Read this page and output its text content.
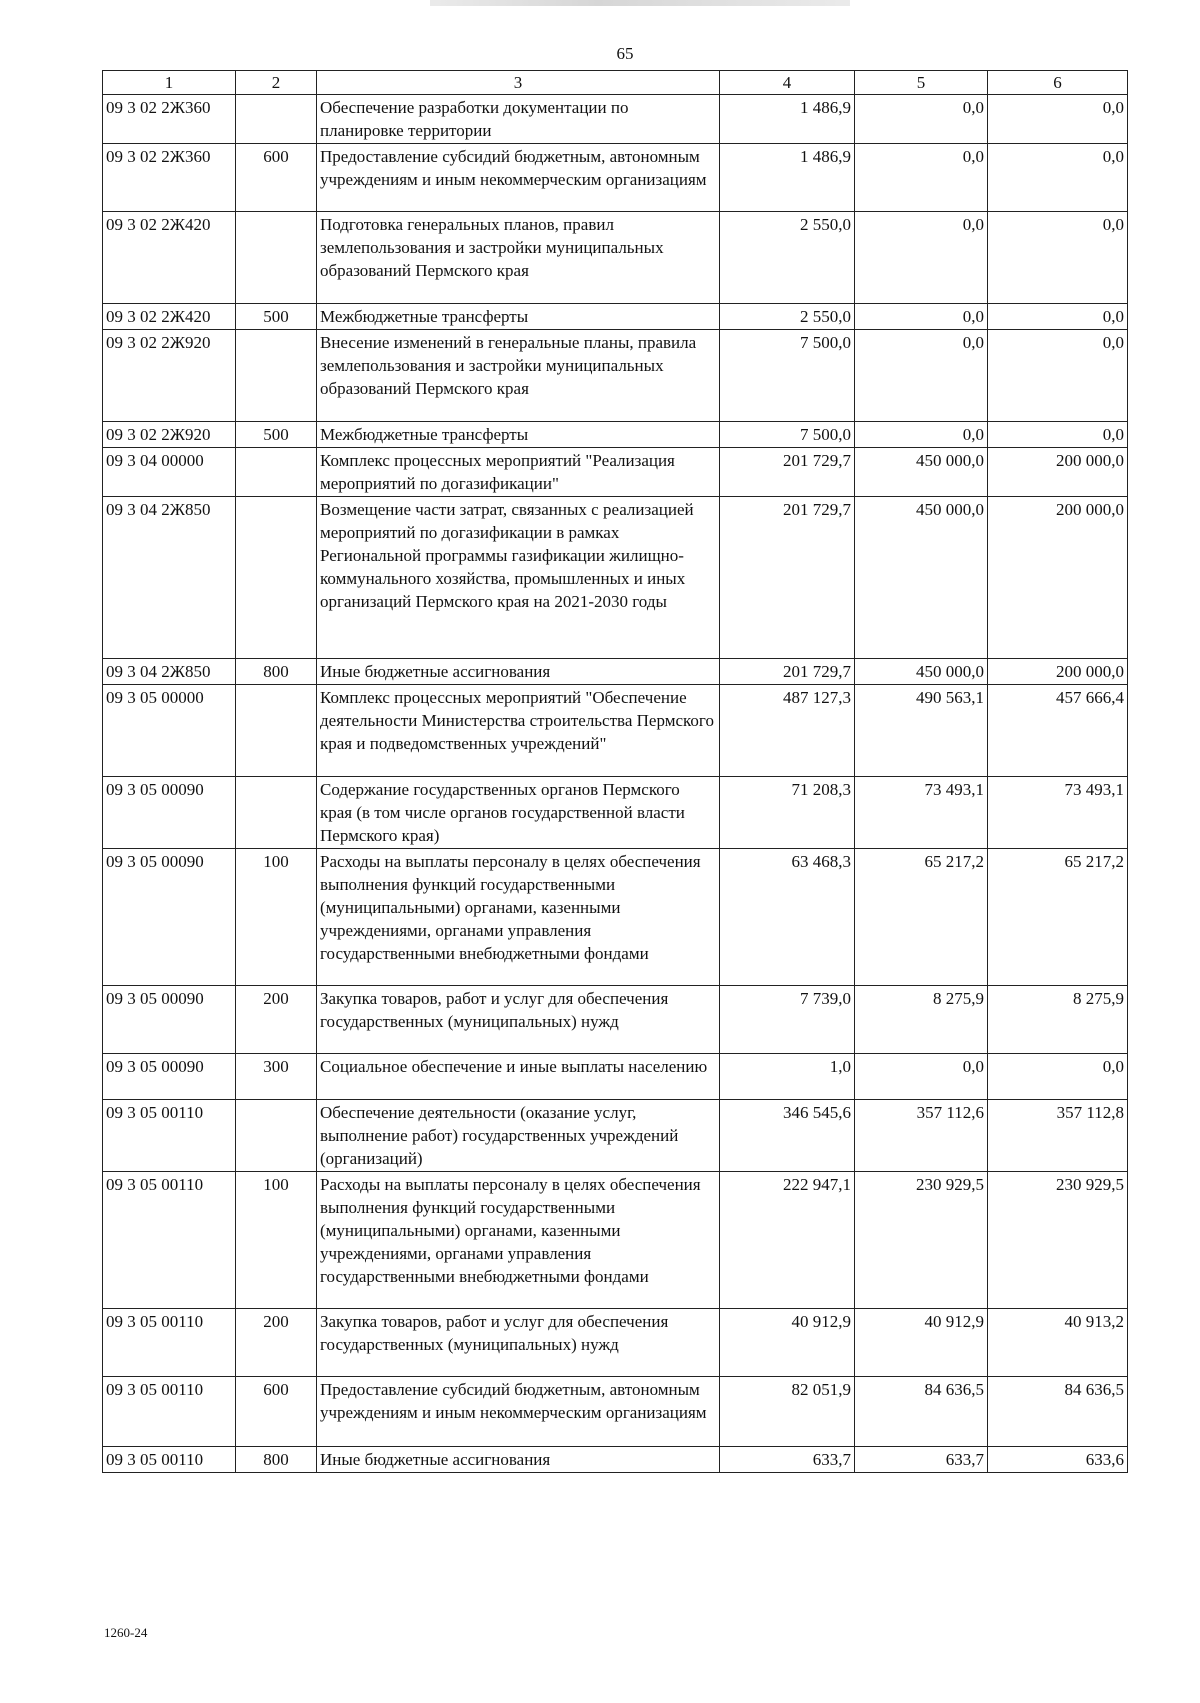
65
1	2	3	4	5	6
09 3 02 2Ж360		Обеспечение разработки документации по планировке территории	1 486,9	0,0	0,0
09 3 02 2Ж360	600	Предоставление субсидий бюджетным, автономным учреждениям и иным некоммерческим организациям	1 486,9	0,0	0,0
09 3 02 2Ж420		Подготовка генеральных планов, правил землепользования и застройки муниципальных образований Пермского края	2 550,0	0,0	0,0
09 3 02 2Ж420	500	Межбюджетные трансферты	2 550,0	0,0	0,0
09 3 02 2Ж920		Внесение изменений в генеральные планы, правила землепользования и застройки муниципальных образований Пермского края	7 500,0	0,0	0,0
09 3 02 2Ж920	500	Межбюджетные трансферты	7 500,0	0,0	0,0
09 3 04 00000		Комплекс процессных мероприятий "Реализация мероприятий по догазификации"	201 729,7	450 000,0	200 000,0
09 3 04 2Ж850		Возмещение части затрат, связанных с реализацией мероприятий по догазификации в рамках Региональной программы газификации жилищно-коммунального хозяйства, промышленных и иных организаций Пермского края на 2021-2030 годы	201 729,7	450 000,0	200 000,0
09 3 04 2Ж850	800	Иные бюджетные ассигнования	201 729,7	450 000,0	200 000,0
09 3 05 00000		Комплекс процессных мероприятий "Обеспечение деятельности Министерства строительства Пермского края и подведомственных учреждений"	487 127,3	490 563,1	457 666,4
09 3 05 00090		Содержание государственных органов Пермского края (в том числе органов государственной власти Пермского края)	71 208,3	73 493,1	73 493,1
09 3 05 00090	100	Расходы на выплаты персоналу в целях обеспечения выполнения функций государственными (муниципальными) органами, казенными учреждениями, органами управления государственными внебюджетными фондами	63 468,3	65 217,2	65 217,2
09 3 05 00090	200	Закупка товаров, работ и услуг для обеспечения государственных (муниципальных) нужд	7 739,0	8 275,9	8 275,9
09 3 05 00090	300	Социальное обеспечение и иные выплаты населению	1,0	0,0	0,0
09 3 05 00110		Обеспечение деятельности (оказание услуг, выполнение работ) государственных учреждений (организаций)	346 545,6	357 112,6	357 112,8
09 3 05 00110	100	Расходы на выплаты персоналу в целях обеспечения выполнения функций государственными (муниципальными) органами, казенными учреждениями, органами управления государственными внебюджетными фондами	222 947,1	230 929,5	230 929,5
09 3 05 00110	200	Закупка товаров, работ и услуг для обеспечения государственных (муниципальных) нужд	40 912,9	40 912,9	40 913,2
09 3 05 00110	600	Предоставление субсидий бюджетным, автономным учреждениям и иным некоммерческим организациям	82 051,9	84 636,5	84 636,5
09 3 05 00110	800	Иные бюджетные ассигнования	633,7	633,7	633,6
1260-24
